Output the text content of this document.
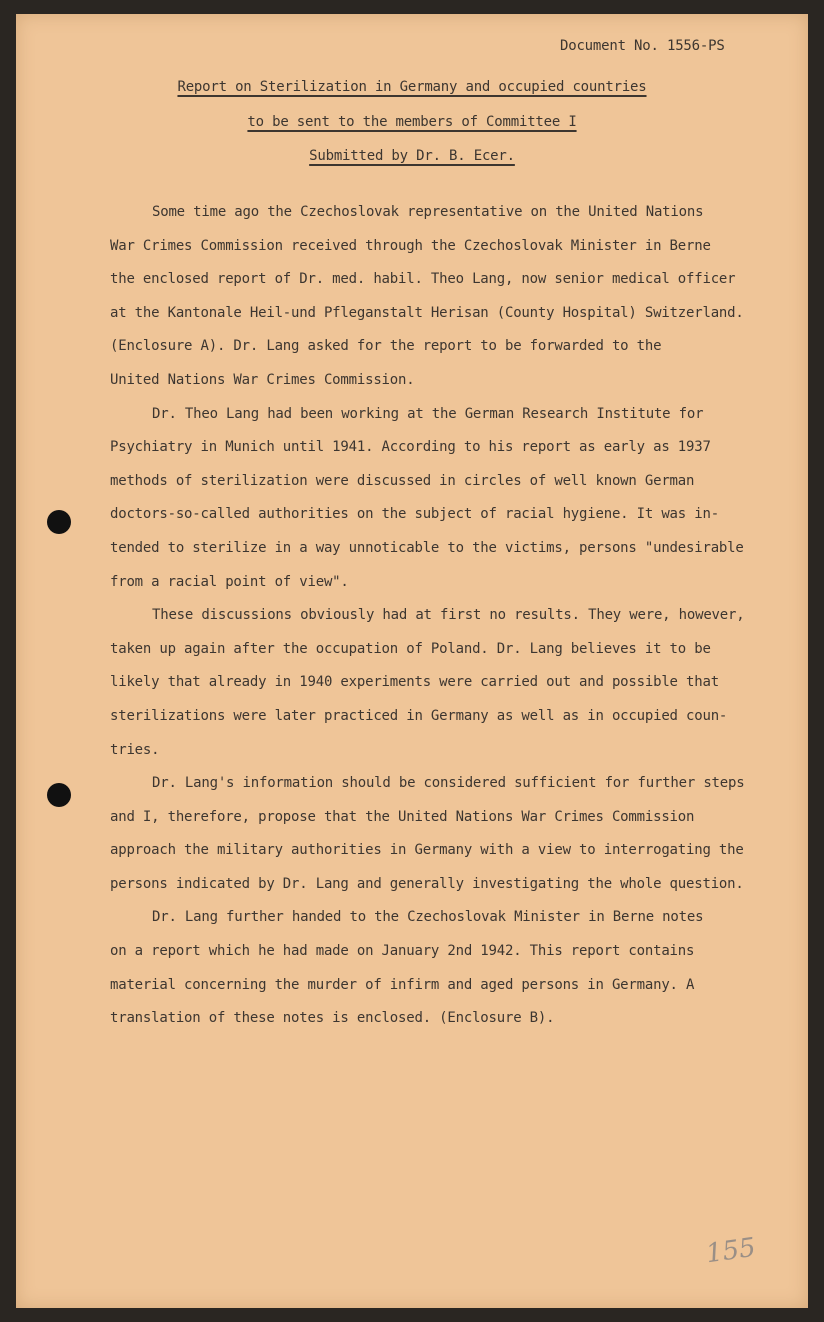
Document No. 1556-PS
Report on Sterilization in Germany and occupied countries
to be sent to the members of Committee I
Submitted by Dr. B. Ecer.
Some time ago the Czechoslovak representative on the United Nations
War Crimes Commission received through the Czechoslovak Minister in Berne
the enclosed report of Dr. med. habil. Theo Lang, now senior medical officer
at the Kantonale Heil-und Pfleganstalt Herisan (County Hospital) Switzerland.
(Enclosure A). Dr. Lang asked for the report to be forwarded to the
United Nations War Crimes Commission.
Dr. Theo Lang had been working at the German Research Institute for
Psychiatry in Munich until 1941. According to his report as early as 1937
methods of sterilization were discussed in circles of well known German
doctors-so-called authorities on the subject of racial hygiene. It was in-
tended to sterilize in a way unnoticable to the victims, persons "undesirable
from a racial point of view".
These discussions obviously had at first no results. They were, however,
taken up again after the occupation of Poland. Dr. Lang believes it to be
likely that already in 1940 experiments were carried out and possible that
sterilizations were later practiced in Germany as well as in occupied coun-
tries.
Dr. Lang's information should be considered sufficient for further steps
and I, therefore, propose that the United Nations War Crimes Commission
approach the military authorities in Germany with a view to interrogating the
persons indicated by Dr. Lang and generally investigating the whole question.
Dr. Lang further handed to the Czechoslovak Minister in Berne notes
on a report which he had made on January 2nd 1942. This report contains
material concerning the murder of infirm and aged persons in Germany. A
translation of these notes is enclosed. (Enclosure B).
155
